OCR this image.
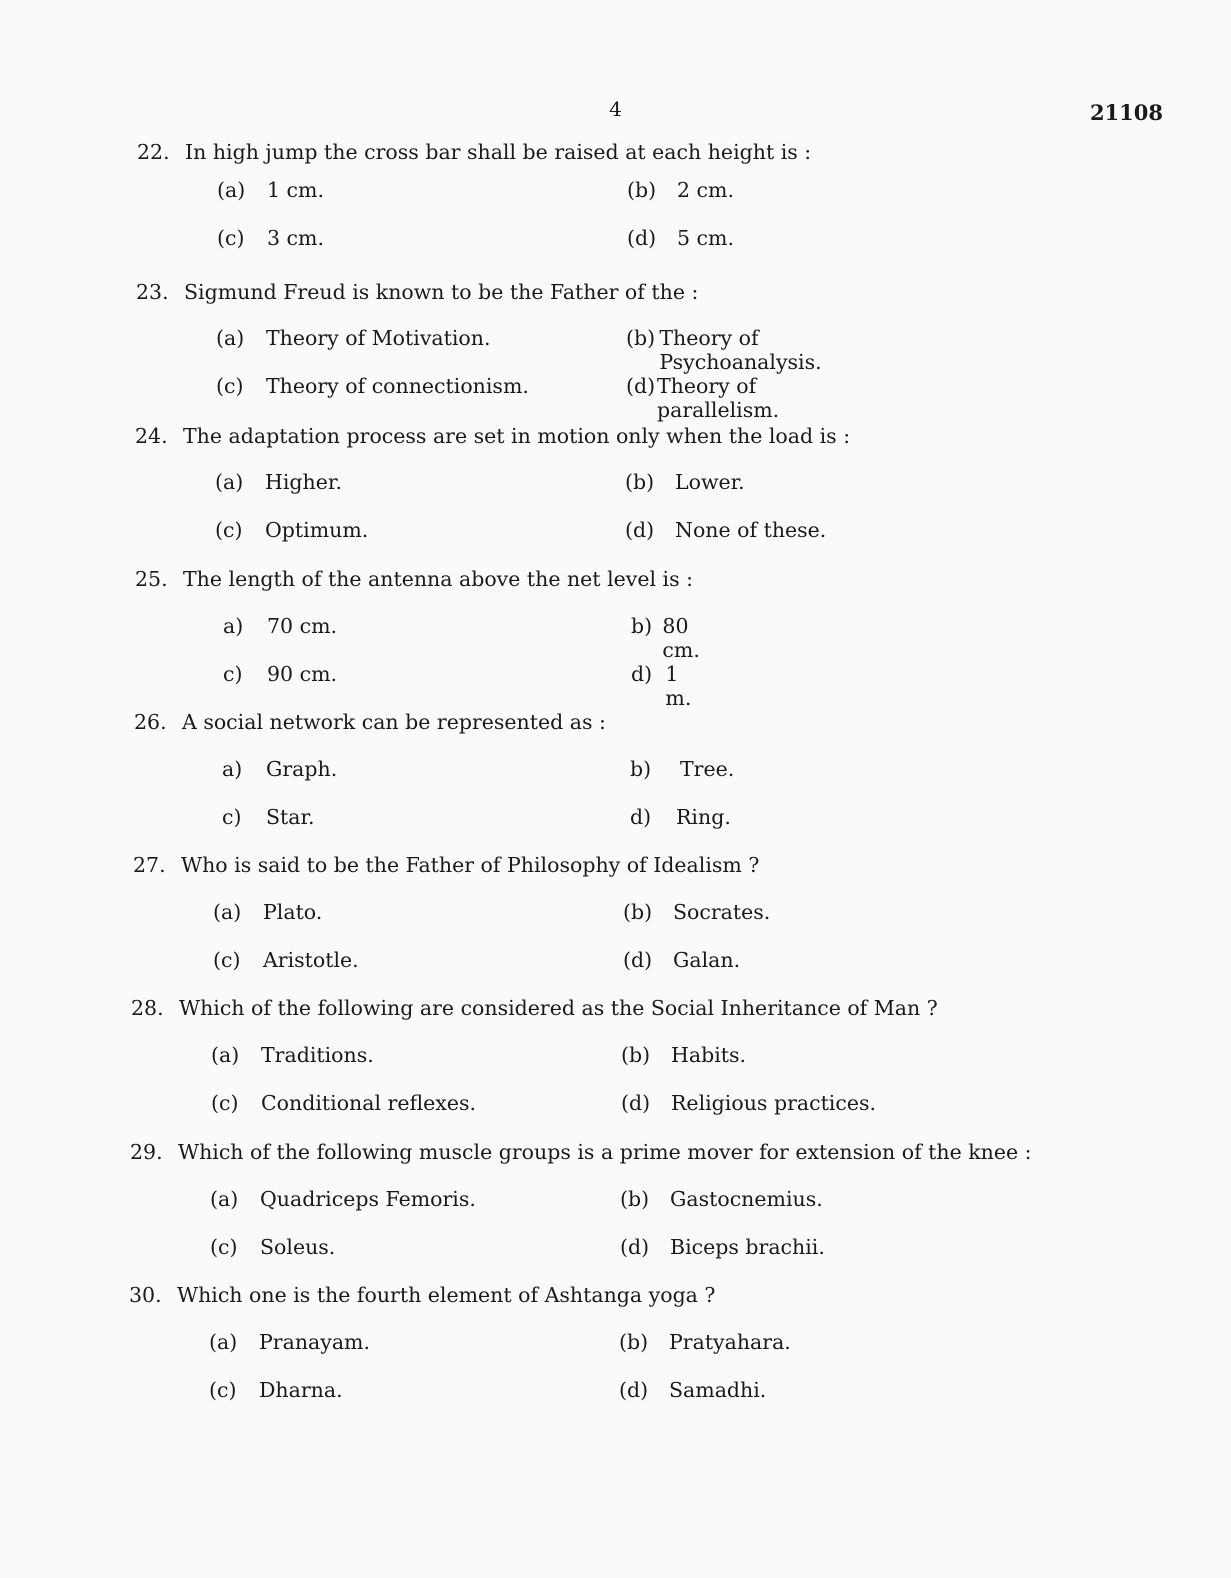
4	21108
22. In high jump the cross bar shall be raised at each height is :
(a)	1 cm.	(b)	2 cm.
(c)	3 cm.	(d)	5 cm.
23. Sigmund Freud is known to be the Father of the :
(a)	Theory of Motivation.	(b) Theory of Psychoanalysis.
(c)	Theory of connectionism.	(d) Theory of parallelism.
24. The adaptation process are set in motion only when the load is :
(a)	Higher.	(b)	Lower.
(c)	Optimum.	(d)	None of these.
25. The length of the antenna above the net level is :
a)	70 cm.	b) 80 cm.
c)	90 cm.	d) 1 m.
26. A social network can be represented as :
a)	Graph.	b)	Tree.
c)	Star.	d)	Ring.
27. Who is said to be the Father of Philosophy of Idealism ?
(a)	Plato.	(b)	Socrates.
(c)	Aristotle.	(d)	Galan.
28. Which of the following are considered as the Social Inheritance of Man ?
(a)	Traditions.	(b)	Habits.
(c)	Conditional reflexes.	(d)	Religious practices.
29. Which of the following muscle groups is a prime mover for extension of the knee :
(a)	Quadriceps Femoris.	(b)	Gastocnemius.
(c)	Soleus.	(d)	Biceps brachii.
30. Which one is the fourth element of Ashtanga yoga ?
(a)	Pranayam.	(b)	Pratyahara.
(c)	Dharna.	(d)	Samadhi.
